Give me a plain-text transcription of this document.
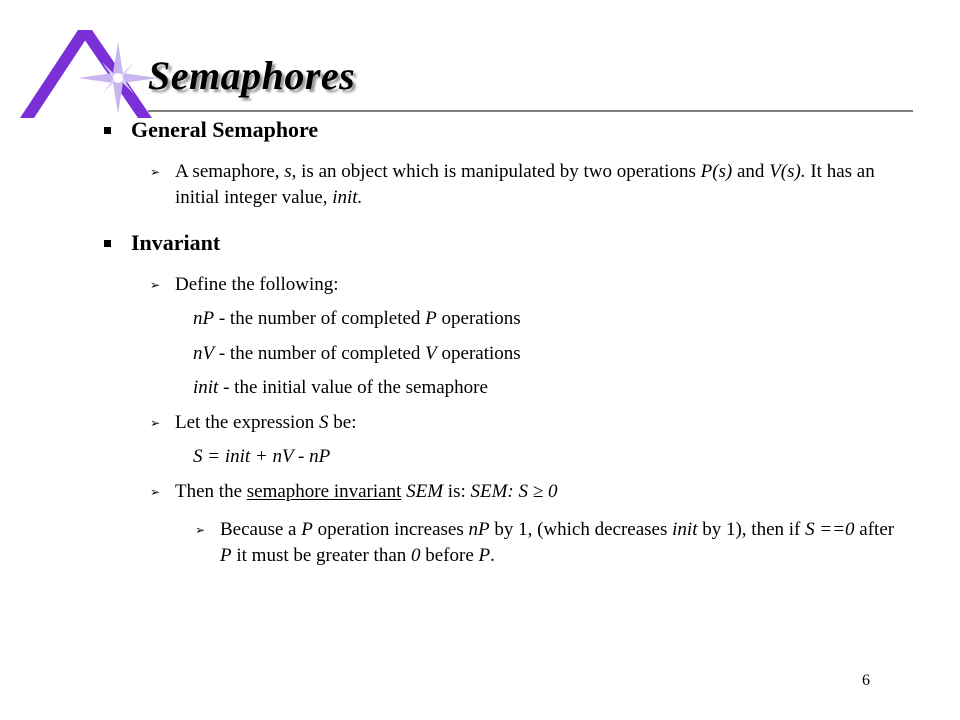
Semaphores
General Semaphore
➢ A semaphore, s, is an object which is manipulated by two operations P(s) and V(s). It has an initial integer value, init.
Invariant
➢ Define the following:
nP - the number of completed P operations
nV - the number of completed V operations
init - the initial value of the semaphore
➢ Let the expression S be:
S = init + nV - nP
➢ Then the semaphore invariant SEM is: SEM: S ≥ 0
➢ Because a P operation increases nP by 1, (which decreases init by 1), then if S ==0 after P it must be greater than 0 before P.
6
